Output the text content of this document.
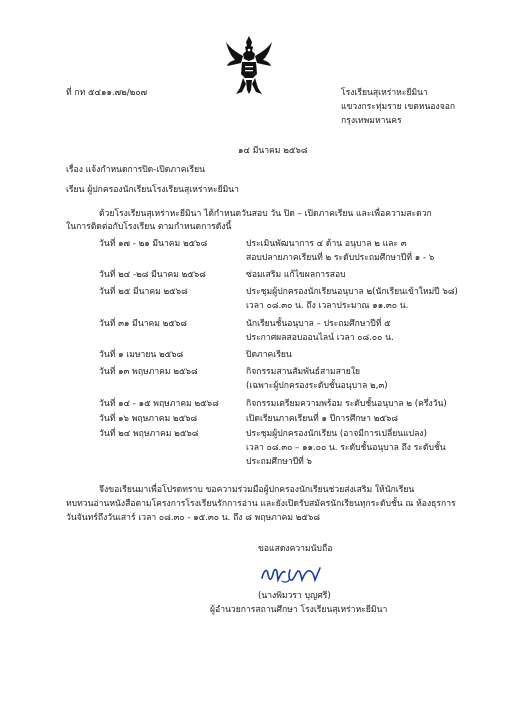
ที่ กท ๕๔๑๑.๗๒/๒๐๗	โรงเรียนสุเหร่าหะยีมินา
แขวงกระทุ่มราย เขตหนองจอก
กรุงเทพมหานคร
๑๔ มีนาคม ๒๕๖๘
เรื่อง แจ้งกำหนดการปิด-เปิดภาคเรียน
เรียน ผู้ปกครองนักเรียนโรงเรียนสุเหร่าหะยีมินา
ด้วยโรงเรียนสุเหร่าหะยีมินา ได้กำหนดวันสอบ วัน ปิด – เปิดภาคเรียน และเพื่อความสะดวก
ในการติดต่อกับโรงเรียน ตามกำหนดการดังนี้
วันที่ ๑๗ - ๒๑ มีนาคม ๒๕๖๘	ประเมินพัฒนาการ ๔ ด้าน อนุบาล ๒ และ ๓
สอบปลายภาคเรียนที่ ๒ ระดับประถมศึกษาปีที่ ๑ - ๖
วันที่ ๒๔ -๒๘ มีนาคม ๒๕๖๘	ซ่อมเสริม แก้ไขผลการสอบ
วันที่ ๒๕ มีนาคม ๒๕๖๘	ประชุมผู้ปกครองนักเรียนอนุบาล ๒(นักเรียนเข้าใหม่ปี ๖๘)
เวลา ๐๘.๓๐ น. ถึง เวลาประมาณ ๑๑.๓๐ น.
วันที่ ๓๑ มีนาคม ๒๕๖๘	นักเรียนชั้นอนุบาล – ประถมศึกษาปีที่ ๕
ประกาศผลสอบออนไลน์ เวลา ๐๘.๐๐ น.
วันที่ ๑ เมษายน ๒๕๖๘	ปิดภาคเรียน
วันที่ ๑๓ พฤษภาคม ๒๕๖๘	กิจกรรมสานสัมพันธ์สามสายใย
(เฉพาะผู้ปกครองระดับชั้นอนุบาล ๒,๓)
วันที่ ๑๔ - ๑๕ พฤษภาคม ๒๕๖๘	กิจกรรมเตรียมความพร้อม ระดับชั้นอนุบาล ๒ (ครึ่งวัน)
วันที่ ๑๖ พฤษภาคม ๒๕๖๘	เปิดเรียนภาคเรียนที่ ๑ ปีการศึกษา ๒๕๖๘
วันที่ ๒๔ พฤษภาคม ๒๕๖๘	ประชุมผู้ปกครองนักเรียน (อาจมีการเปลี่ยนแปลง)
เวลา ๐๘.๓๐ – ๑๑.๐๐ น. ระดับชั้นอนุบาล ถึง ระดับชั้น
ประถมศึกษาปีที่ ๖
จึงขอเรียนมาเพื่อโปรดทราบ ขอความร่วมมือผู้ปกครองนักเรียนช่วยส่งเสริม ให้นักเรียน
ทบทวนอ่านหนังสือตามโครงการโรงเรียนรักการอ่าน และยังเปิดรับสมัครนักเรียนทุกระดับชั้น ณ ห้องธุรการ
วันจันทร์ถึงวันเสาร์ เวลา ๐๘.๓๐ - ๑๕.๓๐ น. ถึง ๘ พฤษภาคม ๒๕๖๘
ขอแสดงความนับถือ
(นางพิมวรา บุญศรี)
ผู้อำนวยการสถานศึกษา โรงเรียนสุเหร่าหะยีมินา
